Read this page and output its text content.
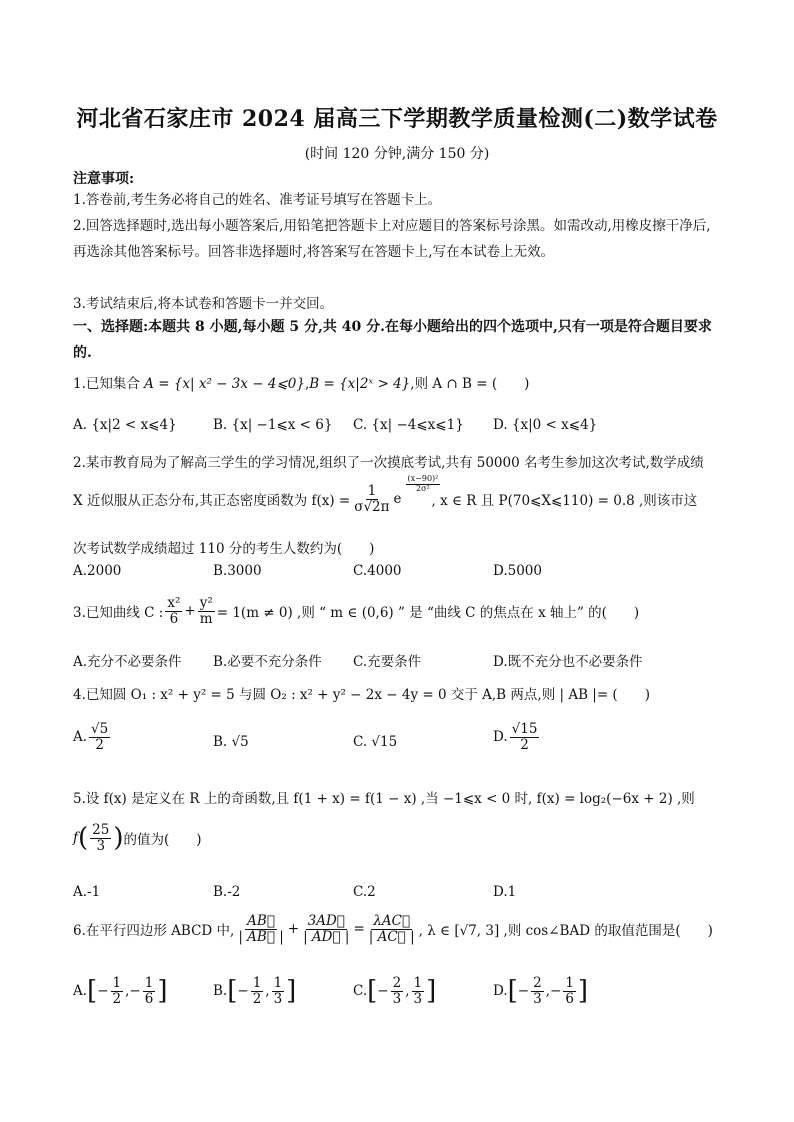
河北省石家庄市 2024 届高三下学期教学质量检测(二)数学试卷
(时间 120 分钟,满分 150 分)
注意事项:
1.答卷前,考生务必将自己的姓名、准考证号填写在答题卡上。
2.回答选择题时,选出每小题答案后,用铅笔把答题卡上对应题目的答案标号涂黑。如需改动,用橡皮擦干净后,再选涂其他答案标号。回答非选择题时,将答案写在答题卡上,写在本试卷上无效。
3.考试结束后,将本试卷和答题卡一并交回。
一、选择题:本题共 8 小题,每小题 5 分,共 40 分.在每小题给出的四个选项中,只有一项是符合题目要求的.
1.已知集合 A = {x| x² − 3x − 4⩽0},B = {x|2ˣ > 4},则 A ∩ B = (　　)
A. {x|2 < x⩽4}	B. {x| −1⩽x < 6} C. {x| −4⩽x⩽1} D. {x|0 < x⩽4}
2.某市教育局为了解高三学生的学习情况,组织了一次摸底考试,共有 50000 名考生参加这次考试,数学成绩
X 近似服从正态分布,其正态密度函数为 $f(x) = \frac{1}{\sigma√2\pi}$ e
$\frac{\text{(x−90)²}}{\text{2σ²}}$
, x ∈ R 且 P(70⩽X⩽110) = 0.8 ,则该市这
次考试数学成绩超过 110 分的考生人数约为(　　)
A.2000	B.3000	C.4000	D.5000
3.已知曲线 C : $\frac{\text{x²}}{6} + \frac{\text{y²}}{m} = 1(m \ne 0)$ ,则 “ m ∈ (0,6) ” 是 “曲线 C 的焦点在 x 轴上” 的(　　)
A.充分不必要条件 B.必要不充分条件 C.充要条件	D.既不充分也不必要条件
4.已知圆 O₁ : x² + y² = 5 与圆 O₂ : x² + y² − 2x − 4y = 0 交于 A,B 两点,则 | AB |= (　　)
A. $\frac{√5}{2}$	B. √5	C. √15	D. $\frac{√15}{2}$
5.设 f(x) 是定义在 R 上的奇函数,且 f(1 + x) = f(1 − x) ,当 −1⩽x < 0 时, f(x) = log₂(−6x + 2) ,则
f ( $\frac{25}{3}$ ) 的值为(　　)
A.-1	B.-2	C.2	D.1
6.在平行四边形 ABCD 中, $\frac{AB⃗}{| AB⃗ |} + \frac{3AD⃗}{| AD⃗ |} = \frac{\text{λAC⃗}}{| AC⃗ |}$ , λ ∈ [√7, 3] ,则 cos∠BAD 的取值范围是(　　)
A. [ − $\frac{1}{2}$ , − $\frac{1}{6}$ ]	B. [ − $\frac{1}{2}$ , $\frac{1}{3}$ ]	C. [ − $\frac{2}{3}$ , $\frac{1}{3}$ ]	D. [ − $\frac{2}{3}$ , − $\frac{1}{6}$ ]
